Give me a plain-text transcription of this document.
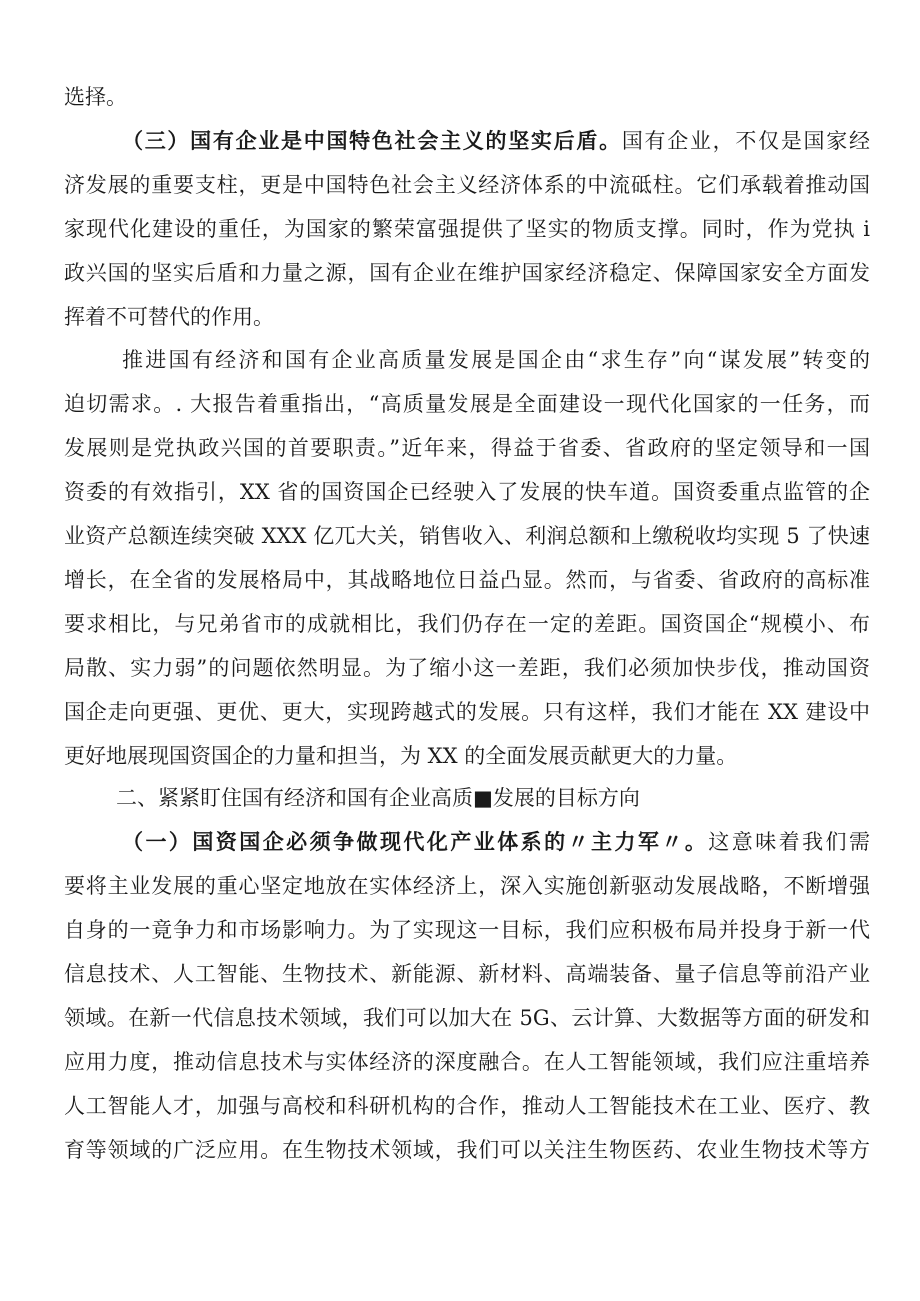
选择。
（三）国有企业是中国特色社会主义的坚实后盾。国有企业，不仅是国家经
济发展的重要支柱，更是中国特色社会主义经济体系的中流砥柱。它们承载着推动国
家现代化建设的重任，为国家的繁荣富强提供了坚实的物质支撑。同时，作为党执 i
政兴国的坚实后盾和力量之源，国有企业在维护国家经济稳定、保障国家安全方面发
挥着不可替代的作用。
推进国有经济和国有企业高质量发展是国企由“求生存”向“谋发展”转变的
迫切需求。. 大报告着重指出，“高质量发展是全面建设一现代化国家的一任务，而
发展则是党执政兴国的首要职责。”近年来，得益于省委、省政府的坚定领导和一国
资委的有效指引，XX 省的国资国企已经驶入了发展的快车道。国资委重点监管的企
业资产总额连续突破 XXX 亿兀大关，销售收入、利润总额和上缴税收均实现 5 了快速
增长，在全省的发展格局中，其战略地位日益凸显。然而，与省委、省政府的高标准
要求相比，与兄弟省市的成就相比，我们仍存在一定的差距。国资国企“规模小、布
局散、实力弱”的问题依然明显。为了缩小这一差距，我们必须加快步伐，推动国资
国企走向更强、更优、更大，实现跨越式的发展。只有这样，我们才能在 XX 建设中
更好地展现国资国企的力量和担当，为 XX 的全面发展贡献更大的力量。
二、紧紧盯住国有经济和国有企业高质■发展的目标方向
（一）国资国企必须争做现代化产业体系的〃主力军〃。这意味着我们需
要将主业发展的重心坚定地放在实体经济上，深入实施创新驱动发展战略，不断增强
自身的一竟争力和市场影响力。为了实现这一目标，我们应积极布局并投身于新一代
信息技术、人工智能、生物技术、新能源、新材料、高端装备、量子信息等前沿产业
领域。在新一代信息技术领域，我们可以加大在 5G、云计算、大数据等方面的研发和
应用力度，推动信息技术与实体经济的深度融合。在人工智能领域，我们应注重培养
人工智能人才，加强与高校和科研机构的合作，推动人工智能技术在工业、医疗、教
育等领域的广泛应用。在生物技术领域，我们可以关注生物医药、农业生物技术等方
